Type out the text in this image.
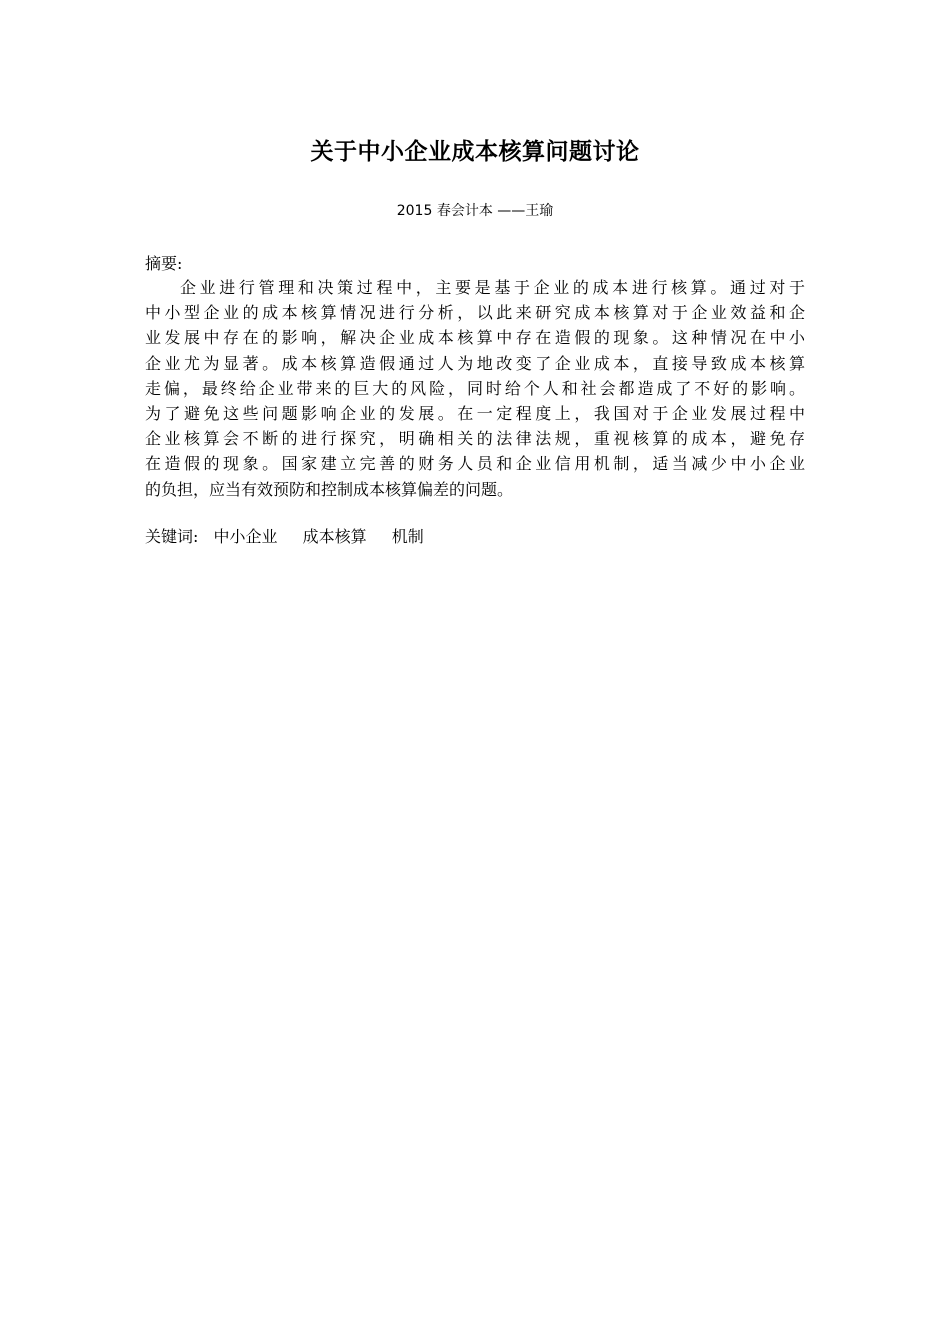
关于中小企业成本核算问题讨论
2015 春会计本 ——王瑜
摘要:
企业进行管理和决策过程中，主要是基于企业的成本进行核算。通过对于
中小型企业的成本核算情况进行分析，以此来研究成本核算对于企业效益和企
业发展中存在的影响，解决企业成本核算中存在造假的现象。这种情况在中小
企业尤为显著。成本核算造假通过人为地改变了企业成本，直接导致成本核算
走偏，最终给企业带来的巨大的风险，同时给个人和社会都造成了不好的影响。
为了避免这些问题影响企业的发展。在一定程度上，我国对于企业发展过程中
企业核算会不断的进行探究，明确相关的法律法规，重视核算的成本，避免存
在造假的现象。国家建立完善的财务人员和企业信用机制，适当减少中小企业
的负担，应当有效预防和控制成本核算偏差的问题。
关键词: 中小企业 成本核算 机制
